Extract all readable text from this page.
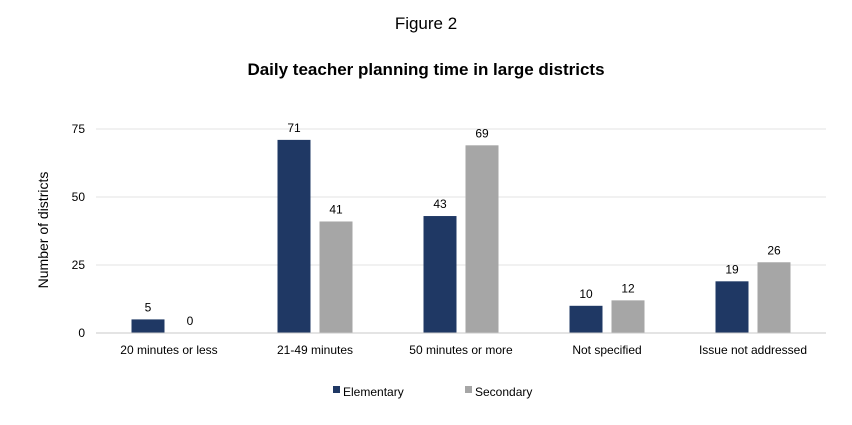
Figure 2
Daily teacher planning time in large districts
5
71
43
10
19
0
41
69
12
26
0
25
50
75
20 minutes or less	21-49 minutes	50 minutes or more	Not specified	Issue not addressed
Number of districts
Elementary	Secondary
